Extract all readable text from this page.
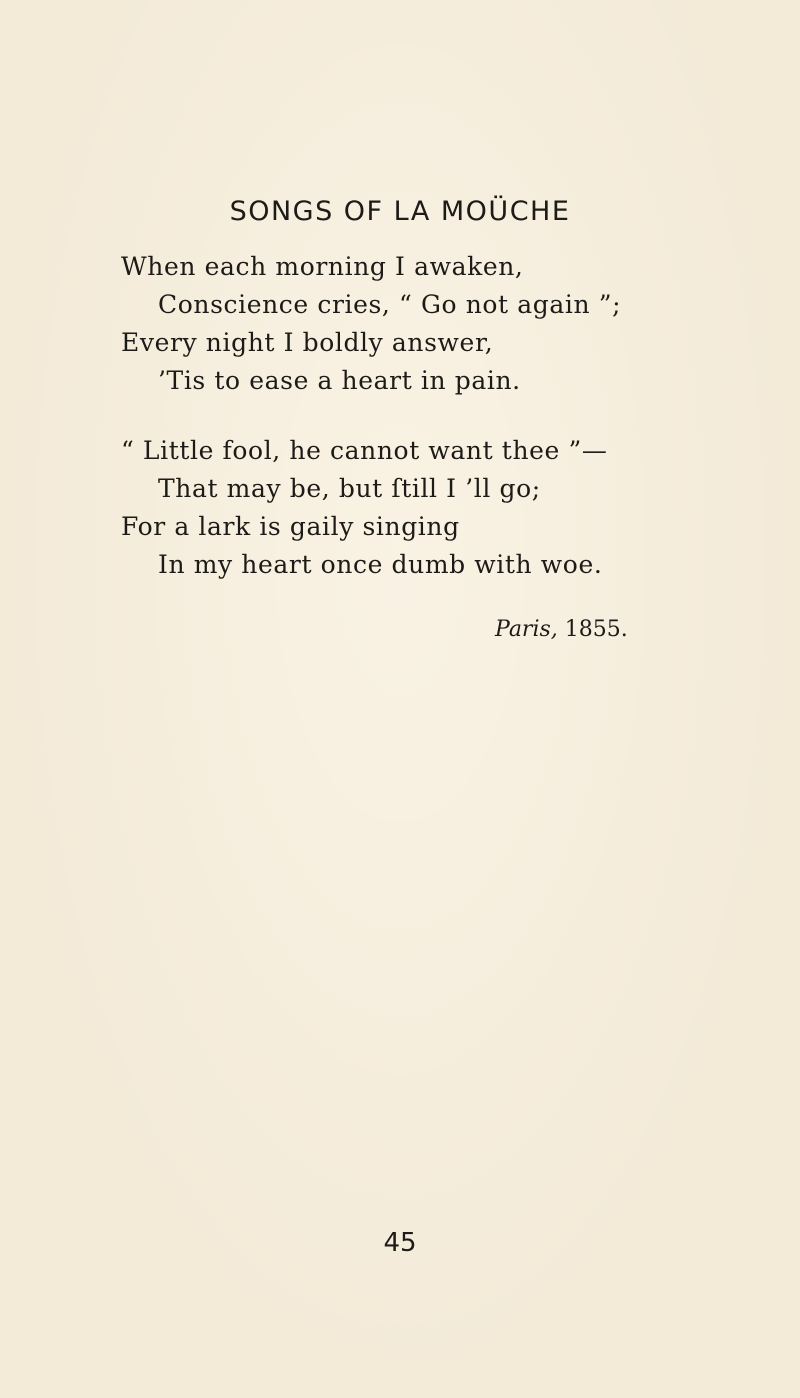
SONGS OF LA MOÜCHE
When each morning I awaken,
Conscience cries, “ Go not again ”;
Every night I boldly answer,
’Tis to ease a heart in pain.
“ Little fool, he cannot want thee ”—
That may be, but ſtill I ’ll go;
For a lark is gaily singing
In my heart once dumb with woe.
Paris, 1855.
45
